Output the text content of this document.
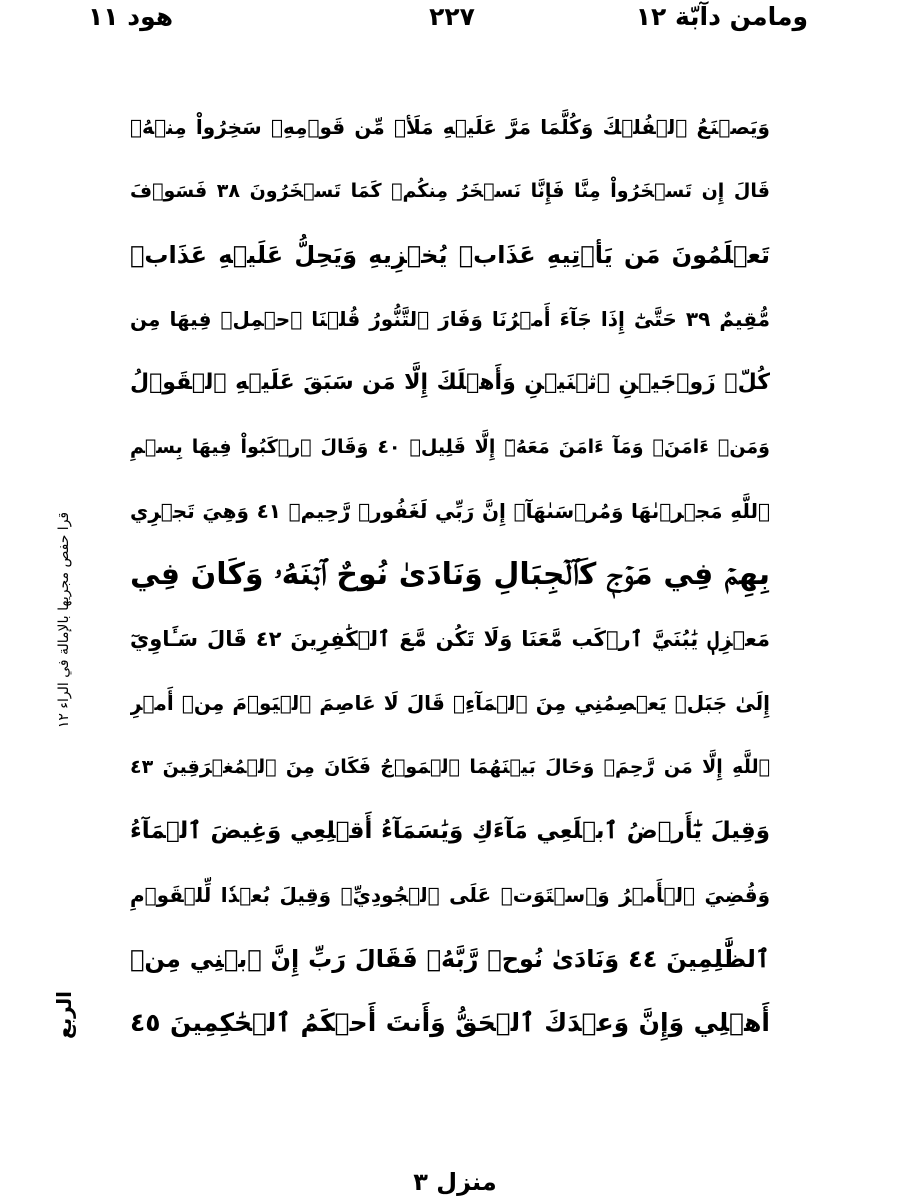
ومامن دآبّة ١٢
٢٢٧
هود ١١
قرا حفص مجريها بالإمالة في الراء ١٢
الربع
وَيَصۡنَعُ ٱلۡفُلۡكَ وَكُلَّمَا مَرَّ عَلَيۡهِ مَلَأٞ مِّن قَوۡمِهِۦ سَخِرُواْ مِنۡهُۚ
قَالَ إِن تَسۡخَرُواْ مِنَّا فَإِنَّا نَسۡخَرُ مِنكُمۡ كَمَا تَسۡخَرُونَ ٣٨ فَسَوۡفَ
تَعۡلَمُونَ مَن يَأۡتِيهِ عَذَابٞ يُخۡزِيهِ وَيَحِلُّ عَلَيۡهِ عَذَابٞ
مُّقِيمٌ ٣٩ حَتَّىٰٓ إِذَا جَآءَ أَمۡرُنَا وَفَارَ ٱلتَّنُّورُ قُلۡنَا ٱحۡمِلۡ فِيهَا مِن
كُلّٖ زَوۡجَيۡنِ ٱثۡنَيۡنِ وَأَهۡلَكَ إِلَّا مَن سَبَقَ عَلَيۡهِ ٱلۡقَوۡلُ
وَمَنۡ ءَامَنَۚ وَمَآ ءَامَنَ مَعَهُۥٓ إِلَّا قَلِيلٞ ٤٠ وَقَالَ ٱرۡكَبُواْ فِيهَا بِسۡمِ
ٱللَّهِ مَجۡرٜىٰهَا وَمُرۡسَىٰهَآۚ إِنَّ رَبِّي لَغَفُورٞ رَّحِيمٞ ٤١ وَهِيَ تَجۡرِي
بِهِمۡ فِي مَوۡجٖ كَٱلۡجِبَالِ وَنَادَىٰ نُوحٌ ٱبۡنَهُۥ وَكَانَ فِي
مَعۡزِلٖ يَٰبُنَيَّ ٱرۡكَب مَّعَنَا وَلَا تَكُن مَّعَ ٱلۡكَٰفِرِينَ ٤٢ قَالَ سَـَٔاوِيٓ
إِلَىٰ جَبَلٖ يَعۡصِمُنِي مِنَ ٱلۡمَآءِۚ قَالَ لَا عَاصِمَ ٱلۡيَوۡمَ مِنۡ أَمۡرِ
ٱللَّهِ إِلَّا مَن رَّحِمَۚ وَحَالَ بَيۡنَهُمَا ٱلۡمَوۡجُ فَكَانَ مِنَ ٱلۡمُغۡرَقِينَ ٤٣
وَقِيلَ يَٰٓأَرۡضُ ٱبۡلَعِي مَآءَكِ وَيَٰسَمَآءُ أَقۡلِعِي وَغِيضَ ٱلۡمَآءُ
وَقُضِيَ ٱلۡأَمۡرُ وَٱسۡتَوَتۡ عَلَى ٱلۡجُودِيِّۖ وَقِيلَ بُعۡدٗا لِّلۡقَوۡمِ
ٱلظَّٰلِمِينَ ٤٤ وَنَادَىٰ نُوحٞ رَّبَّهُۥ فَقَالَ رَبِّ إِنَّ ٱبۡنِي مِنۡ
أَهۡلِي وَإِنَّ وَعۡدَكَ ٱلۡحَقُّ وَأَنتَ أَحۡكَمُ ٱلۡحَٰكِمِينَ ٤٥
منزل ٣
